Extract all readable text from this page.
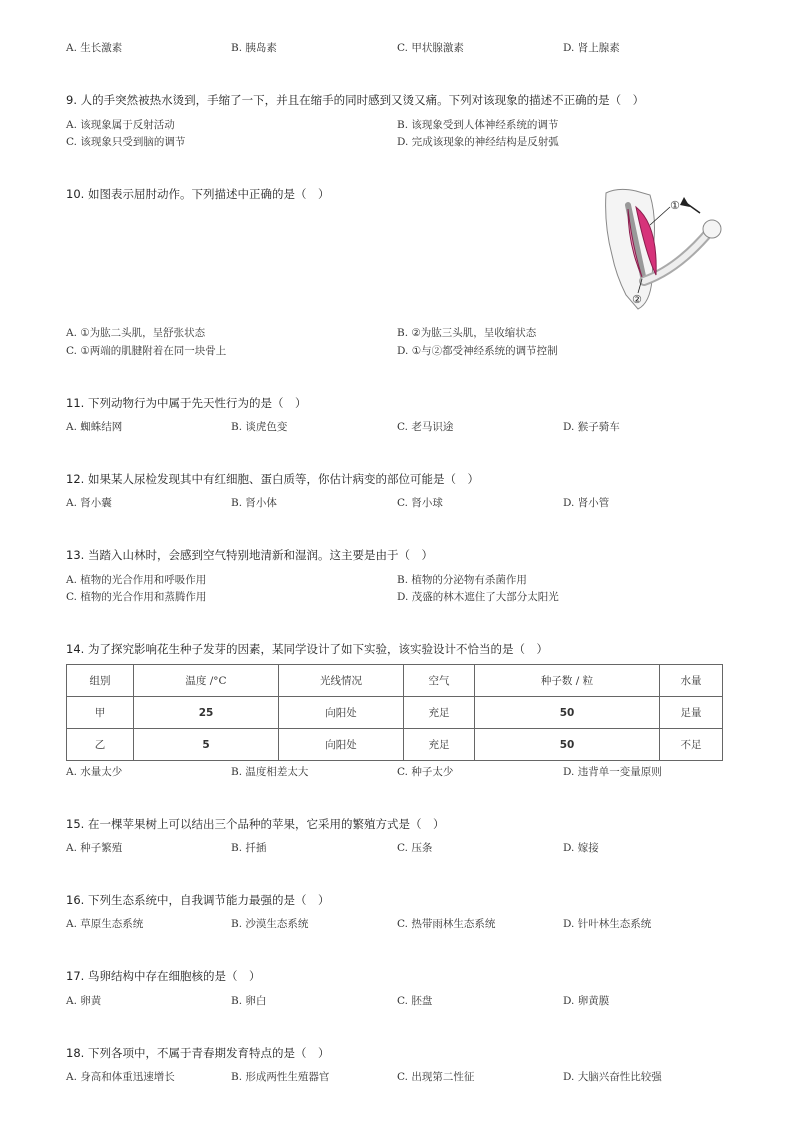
A. 生长激素	B. 胰岛素	C. 甲状腺激素	D. 肾上腺素
9. 人的手突然被热水烫到，手缩了一下，并且在缩手的同时感到又烫又痛。下列对该现象的描述不正确的是（　）
A. 该现象属于反射活动	B. 该现象受到人体神经系统的调节
C. 该现象只受到脑的调节	D. 完成该现象的神经结构是反射弧
10. 如图表示屈肘动作。下列描述中正确的是（　）
①
②
A. ①为肱二头肌，呈舒张状态	B. ②为肱三头肌，呈收缩状态
C. ①两端的肌腱附着在同一块骨上	D. ①与②都受神经系统的调节控制
11. 下列动物行为中属于先天性行为的是（　）
A. 蜘蛛结网	B. 谈虎色变	C. 老马识途	D. 猴子骑车
12. 如果某人尿检发现其中有红细胞、蛋白质等，你估计病变的部位可能是（　）
A. 肾小囊	B. 肾小体	C. 肾小球	D. 肾小管
13. 当踏入山林时，会感到空气特别地清新和湿润。这主要是由于（　）
A. 植物的光合作用和呼吸作用	B. 植物的分泌物有杀菌作用
C. 植物的光合作用和蒸腾作用	D. 茂盛的林木遮住了大部分太阳光
14. 为了探究影响花生种子发芽的因素，某同学设计了如下实验，该实验设计不恰当的是（　）
组别	温度 /°C	光线情况	空气	种子数 / 粒	水量
甲	25	向阳处	充足	50	足量
乙	5	向阳处	充足	50	不足
A. 水量太少	B. 温度相差太大	C. 种子太少	D. 违背单一变量原则
15. 在一棵苹果树上可以结出三个品种的苹果，它采用的繁殖方式是（　）
A. 种子繁殖	B. 扦插	C. 压条	D. 嫁接
16. 下列生态系统中，自我调节能力最强的是（　）
A. 草原生态系统	B. 沙漠生态系统	C. 热带雨林生态系统	D. 针叶林生态系统
17. 鸟卵结构中存在细胞核的是（　）
A. 卵黄	B. 卵白	C. 胚盘	D. 卵黄膜
18. 下列各项中，不属于青春期发育特点的是（　）
A. 身高和体重迅速增长	B. 形成两性生殖器官	C. 出现第二性征	D. 大脑兴奋性比较强
